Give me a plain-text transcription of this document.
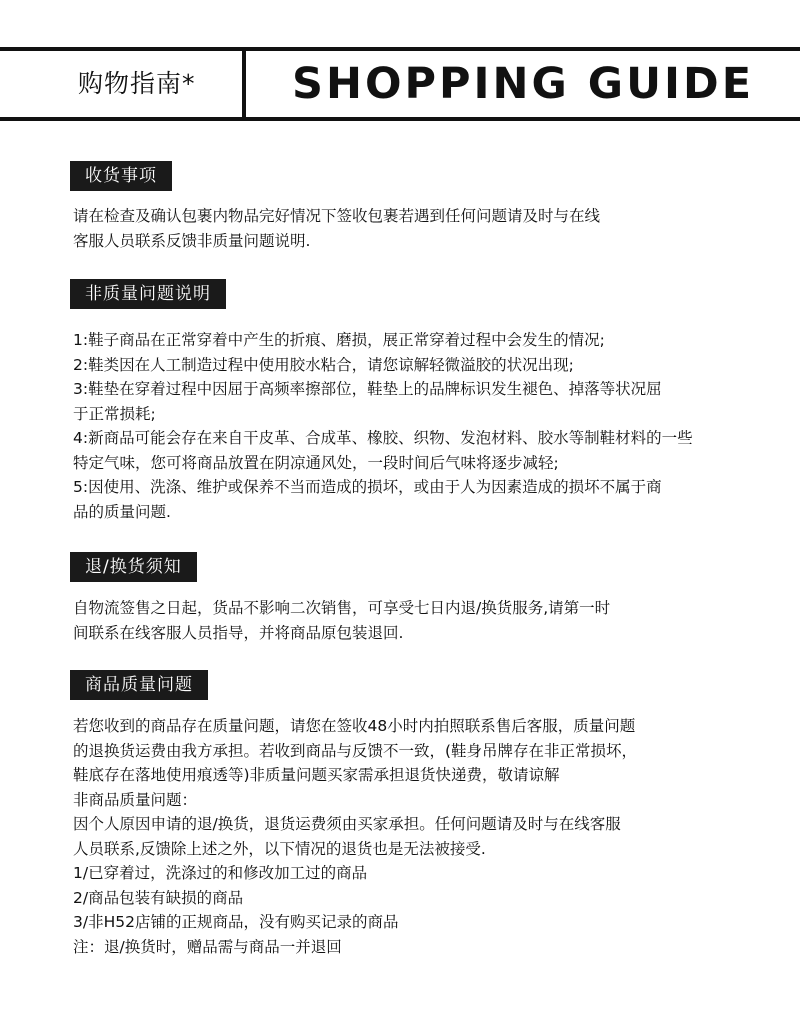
购物指南* SHOPPING GUIDE
收货事项
请在检查及确认包裹内物品完好情况下签收包裹若遇到任何问题请及时与在线
客服人员联系反馈非质量问题说明.
非质量问题说明
1:鞋子商品在正常穿着中产生的折痕、磨损，展正常穿着过程中会发生的情况;
2:鞋类因在人工制造过程中使用胶水粘合，请您谅解轻微溢胶的状况出现;
3:鞋垫在穿着过程中因屈于高频率擦部位，鞋垫上的品牌标识发生褪色、掉落等状况屈
于正常损耗;
4:新商品可能会存在来自干皮革、合成革、橡胶、织物、发泡材料、胶水等制鞋材料的一些
特定气味，您可将商品放置在阴凉通风处，一段时间后气味将逐步减轻;
5:因使用、洗涤、维护或保养不当而造成的损坏，或由于人为因素造成的损坏不属于商
品的质量问题.
退/换货须知
自物流签售之日起，货品不影响二次销售，可享受七日内退/换货服务,请第一时
间联系在线客服人员指导，并将商品原包装退回.
商品质量问题
若您收到的商品存在质量问题，请您在签收48小时内拍照联系售后客服，质量问题
的退换货运费由我方承担。若收到商品与反馈不一致，(鞋身吊牌存在非正常损坏，
鞋底存在落地使用痕透等)非质量问题买家需承担退货快递费，敬请谅解
非商品质量问题：
因个人原因申请的退/换货，退货运费须由买家承担。任何问题请及时与在线客服
人员联系,反馈除上述之外，以下情况的退货也是无法被接受.
1/已穿着过，洗涤过的和修改加工过的商品
2/商品包装有缺损的商品
3/非H52店铺的正规商品，没有购买记录的商品
注：退/换货时，赠品需与商品一并退回
